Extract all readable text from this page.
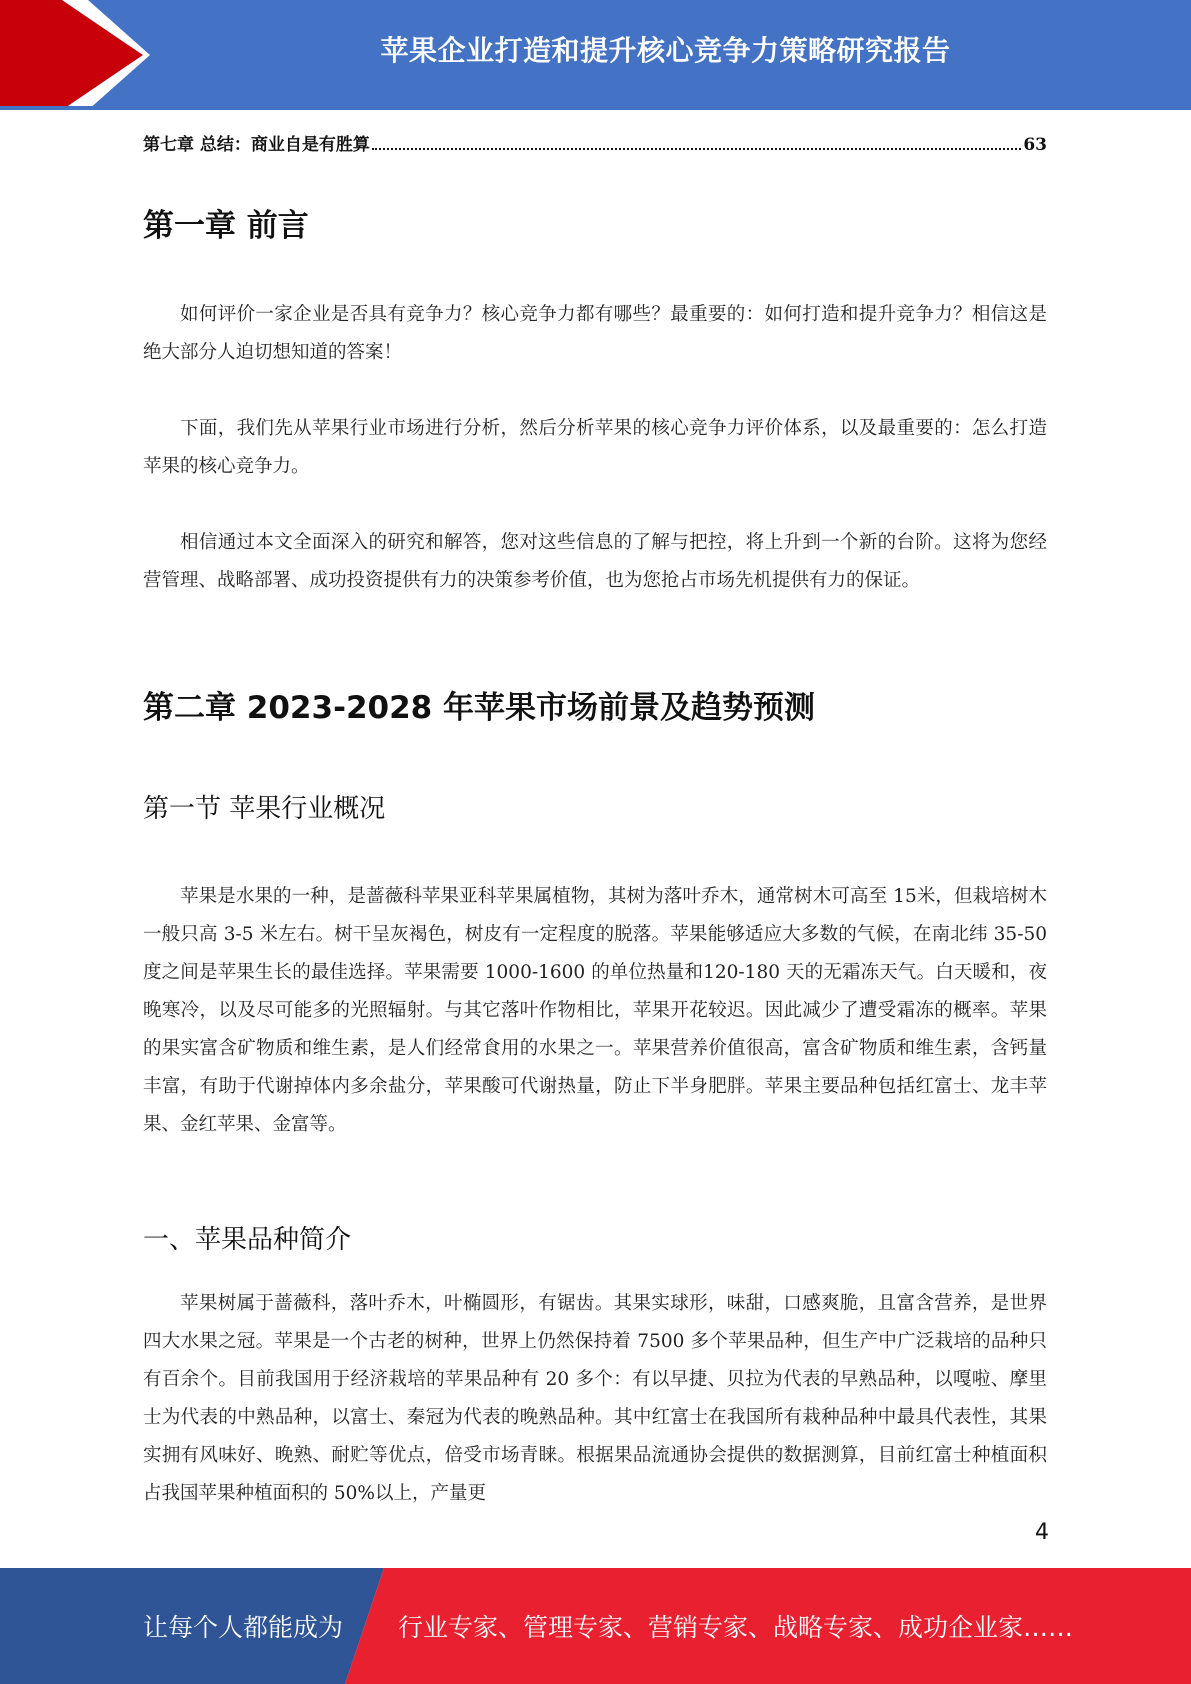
苹果企业打造和提升核心竞争力策略研究报告
第七章 总结：商业自是有胜算	63
第一章 前言
如何评价一家企业是否具有竞争力？核心竞争力都有哪些？最重要的：如何打造和提升竞争力？相信这是绝大部分人迫切想知道的答案！
下面，我们先从苹果行业市场进行分析，然后分析苹果的核心竞争力评价体系，以及最重要的：怎么打造苹果的核心竞争力。
相信通过本文全面深入的研究和解答，您对这些信息的了解与把控，将上升到一个新的台阶。这将为您经营管理、战略部署、成功投资提供有力的决策参考价值，也为您抢占市场先机提供有力的保证。
第二章 2023-2028 年苹果市场前景及趋势预测
第一节 苹果行业概况
苹果是水果的一种，是蔷薇科苹果亚科苹果属植物，其树为落叶乔木，通常树木可高至 15米，但栽培树木一般只高 3-5 米左右。树干呈灰褐色，树皮有一定程度的脱落。苹果能够适应大多数的气候，在南北纬 35-50 度之间是苹果生长的最佳选择。苹果需要 1000-1600 的单位热量和120-180 天的无霜冻天气。白天暖和，夜晚寒冷，以及尽可能多的光照辐射。与其它落叶作物相比，苹果开花较迟。因此减少了遭受霜冻的概率。苹果的果实富含矿物质和维生素，是人们经常食用的水果之一。苹果营养价值很高，富含矿物质和维生素，含钙量丰富，有助于代谢掉体内多余盐分，苹果酸可代谢热量，防止下半身肥胖。苹果主要品种包括红富士、龙丰苹果、金红苹果、金富等。
一、苹果品种简介
苹果树属于蔷薇科，落叶乔木，叶椭圆形，有锯齿。其果实球形，味甜，口感爽脆，且富含营养，是世界四大水果之冠。苹果是一个古老的树种，世界上仍然保持着 7500 多个苹果品种，但生产中广泛栽培的品种只有百余个。目前我国用于经济栽培的苹果品种有 20 多个：有以早捷、贝拉为代表的早熟品种，以嘎啦、摩里士为代表的中熟品种，以富士、秦冠为代表的晚熟品种。其中红富士在我国所有栽种品种中最具代表性，其果实拥有风味好、晚熟、耐贮等优点，倍受市场青睐。根据果品流通协会提供的数据测算，目前红富士种植面积占我国苹果种植面积的 50%以上，产量更
4
让每个人都能成为 行业专家、管理专家、营销专家、战略专家、成功企业家……
